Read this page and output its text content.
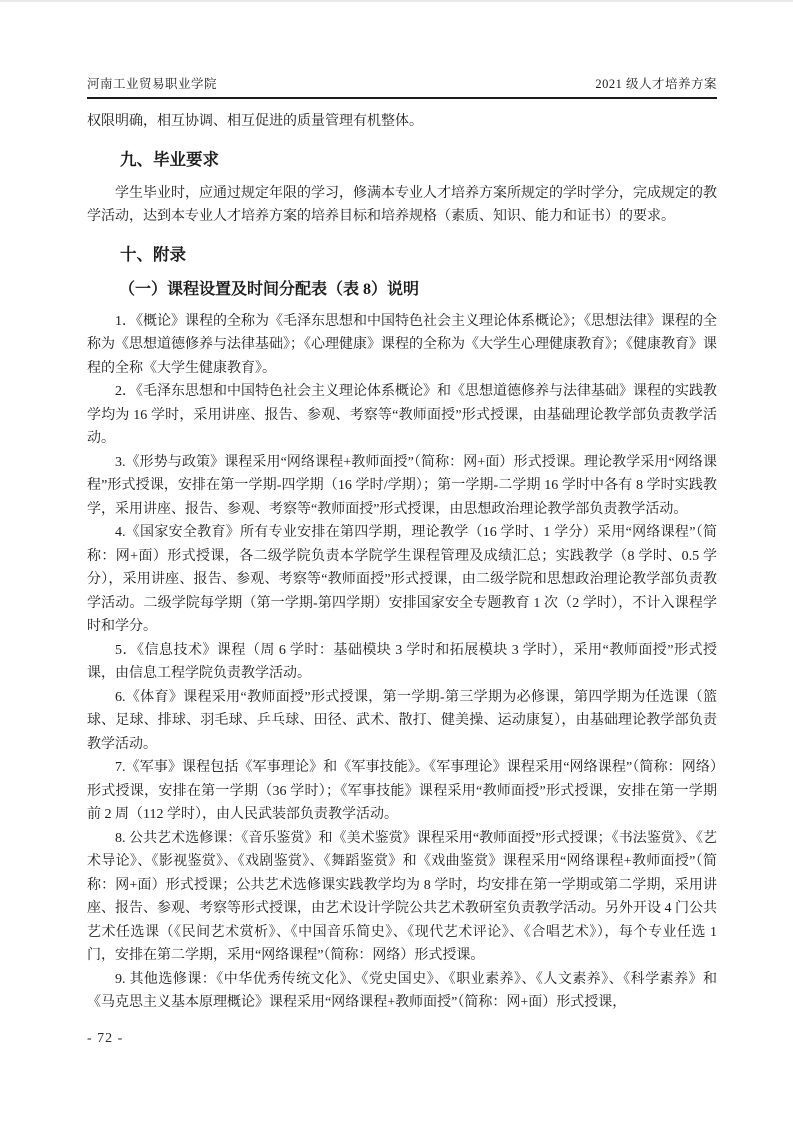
河南工业贸易职业学院	2021 级人才培养方案

权限明确，相互协调、相互促进的质量管理有机整体。

九、毕业要求

学生毕业时，应通过规定年限的学习，修满本专业人才培养方案所规定的学时学分，完成规定的教学活动，达到本专业人才培养方案的培养目标和培养规格（素质、知识、能力和证书）的要求。

十、附录
（一）课程设置及时间分配表（表 8）说明

1．《概论》课程的全称为《毛泽东思想和中国特色社会主义理论体系概论》；《思想法律》课程的全称为《思想道德修养与法律基础》；《心理健康》课程的全称为《大学生心理健康教育》；《健康教育》课程的全称《大学生健康教育》。

2．《毛泽东思想和中国特色社会主义理论体系概论》和《思想道德修养与法律基础》课程的实践教学均为 16 学时，采用讲座、报告、参观、考察等“教师面授”形式授课，由基础理论教学部负责教学活动。

3.《形势与政策》课程采用“网络课程+教师面授”（简称：网+面）形式授课。理论教学采用“网络课程”形式授课，安排在第一学期-四学期（16 学时/学期）；第一学期-二学期 16 学时中各有 8 学时实践教学，采用讲座、报告、参观、考察等“教师面授”形式授课，由思想政治理论教学部负责教学活动。

4.《国家安全教育》所有专业安排在第四学期，理论教学（16 学时、1 学分）采用“网络课程”（简称：网+面）形式授课，各二级学院负责本学院学生课程管理及成绩汇总；实践教学（8 学时、0.5 学分），采用讲座、报告、参观、考察等“教师面授”形式授课，由二级学院和思想政治理论教学部负责教学活动。二级学院每学期（第一学期-第四学期）安排国家安全专题教育 1 次（2 学时），不计入课程学时和学分。

5．《信息技术》课程（周 6 学时：基础模块 3 学时和拓展模块 3 学时），采用“教师面授”形式授课，由信息工程学院负责教学活动。

6.《体育》课程采用“教师面授”形式授课，第一学期-第三学期为必修课，第四学期为任选课（篮球、足球、排球、羽毛球、乒乓球、田径、武术、散打、健美操、运动康复），由基础理论教学部负责教学活动。

7.《军事》课程包括《军事理论》和《军事技能》。《军事理论》课程采用“网络课程”（简称：网络）形式授课，安排在第一学期（36 学时）；《军事技能》课程采用“教师面授”形式授课，安排在第一学期前 2 周（112 学时），由人民武装部负责教学活动。

8. 公共艺术选修课：《音乐鉴赏》和《美术鉴赏》课程采用“教师面授”形式授课；《书法鉴赏》、《艺术导论》、《影视鉴赏》、《戏剧鉴赏》、《舞蹈鉴赏》和《戏曲鉴赏》课程采用“网络课程+教师面授”（简称：网+面）形式授课；公共艺术选修课实践教学均为 8 学时，均安排在第一学期或第二学期，采用讲座、报告、参观、考察等形式授课，由艺术设计学院公共艺术教研室负责教学活动。另外开设 4 门公共艺术任选课（《民间艺术赏析》、《中国音乐简史》、《现代艺术评论》、《合唱艺术》），每个专业任选 1 门，安排在第二学期，采用“网络课程”（简称：网络）形式授课。

9. 其他选修课：《中华优秀传统文化》、《党史国史》、《职业素养》、《人文素养》、《科学素养》和《马克思主义基本原理概论》课程采用“网络课程+教师面授”（简称：网+面）形式授课，

- 72 -
